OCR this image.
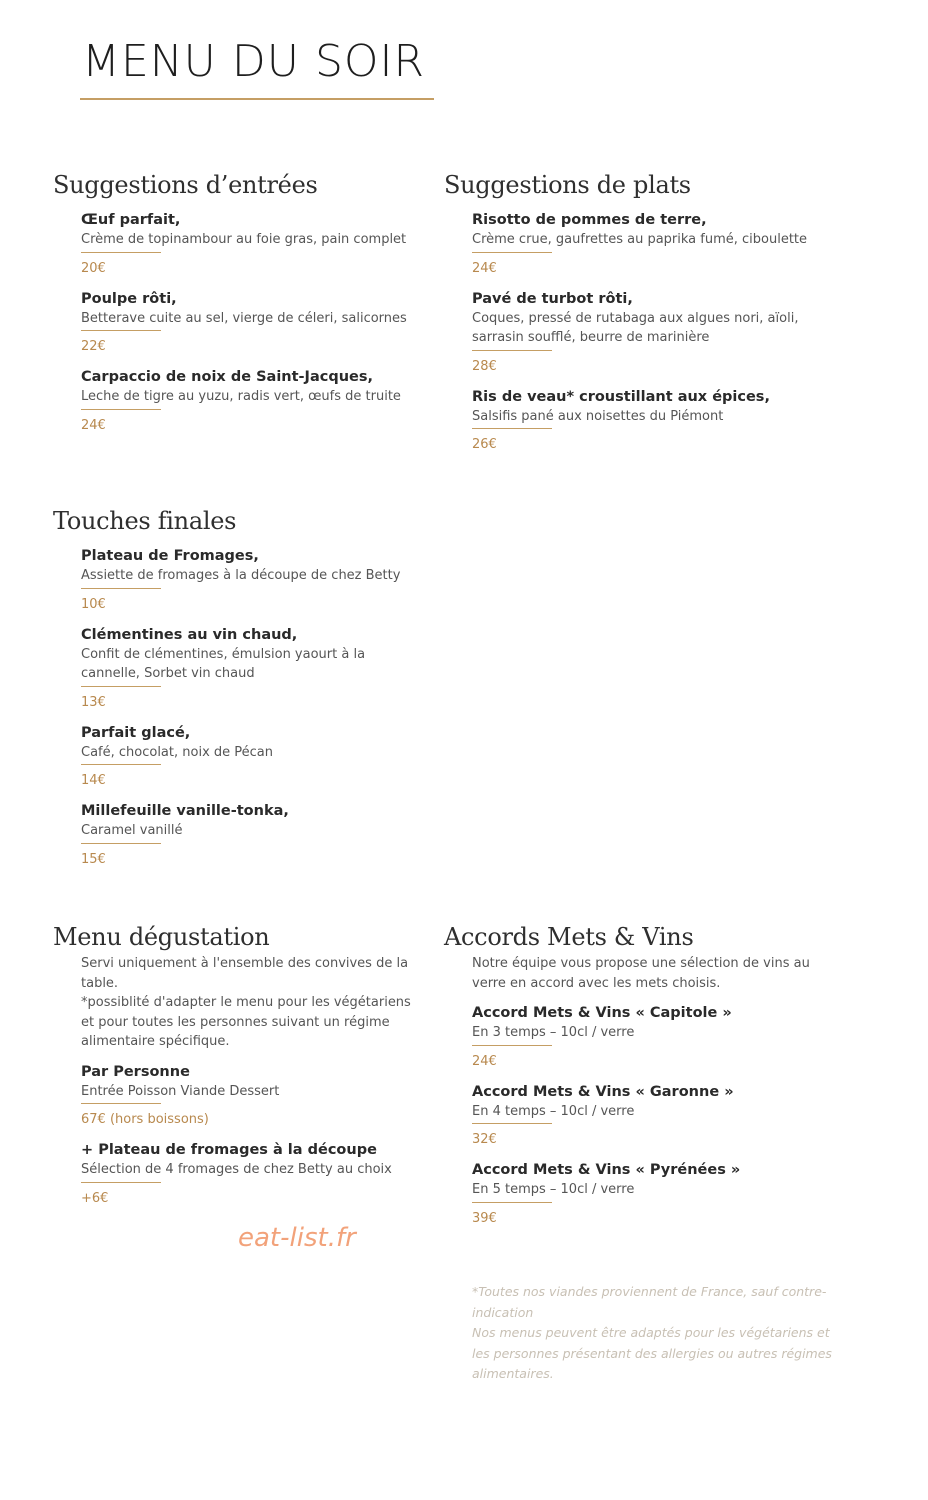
MENU DU SOIR
Suggestions d’entrées
Œuf parfait,
Crème de topinambour au foie gras, pain complet
20€
Poulpe rôti,
Betterave cuite au sel, vierge de céleri, salicornes
22€
Carpaccio de noix de Saint-Jacques,
Leche de tigre au yuzu, radis vert, œufs de truite
24€
Suggestions de plats
Risotto de pommes de terre,
Crème crue, gaufrettes au paprika fumé, ciboulette
24€
Pavé de turbot rôti,
Coques, pressé de rutabaga aux algues nori, aïoli, sarrasin soufflé, beurre de marinière
28€
Ris de veau* croustillant aux épices,
Salsifis pané aux noisettes du Piémont
26€
Touches finales
Plateau de Fromages,
Assiette de fromages à la découpe de chez Betty
10€
Clémentines au vin chaud,
Confit de clémentines, émulsion yaourt à la cannelle, Sorbet vin chaud
13€
Parfait glacé,
Café, chocolat, noix de Pécan
14€
Millefeuille vanille-tonka,
Caramel vanillé
15€
Menu dégustation

Servi uniquement à l'ensemble des convives de la table.

*possiblité d'adapter le menu pour les végétariens et pour toutes les personnes suivant un régime alimentaire spécifique.

Par Personne
Entrée Poisson Viande Dessert
67€ (hors boissons)
+ Plateau de fromages à la découpe
Sélection de 4 fromages de chez Betty au choix
+6€
Accords Mets & Vins

Notre équipe vous propose une sélection de vins au verre en accord avec les mets choisis.

Accord Mets & Vins « Capitole »
En 3 temps – 10cl / verre
24€
Accord Mets & Vins « Garonne »
En 4 temps – 10cl / verre
32€
Accord Mets & Vins « Pyrénées »
En 5 temps – 10cl / verre
39€
eat-list.fr

*Toutes nos viandes proviennent de France, sauf contre-indication

Nos menus peuvent être adaptés pour les végétariens et les personnes présentant des allergies ou autres régimes alimentaires.
